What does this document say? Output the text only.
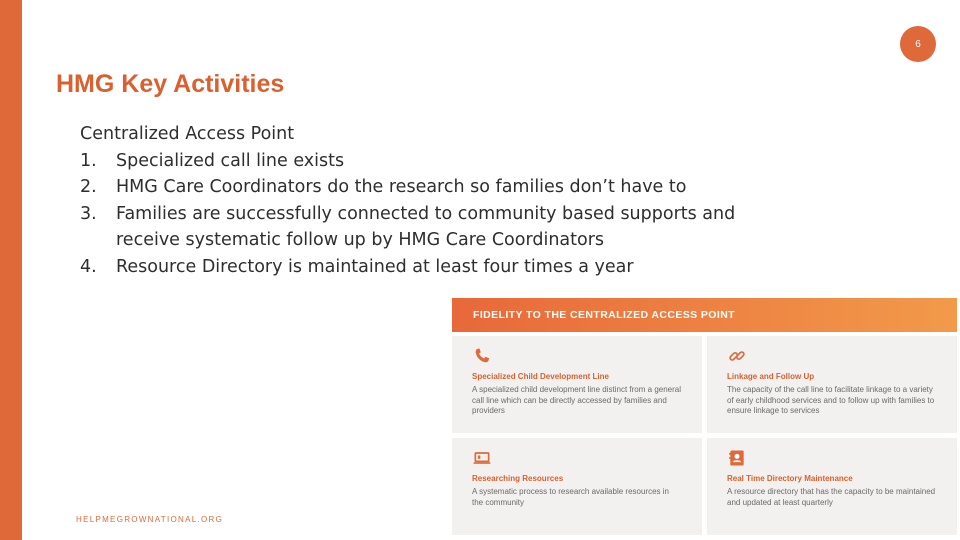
6
HMG Key Activities

Centralized Access Point

1.	Specialized call line exists
2.	HMG Care Coordinators do the research so families don’t have to
3.	Families are successfully connected to community based supports and receive systematic follow up by HMG Care Coordinators
4.	Resource Directory is maintained at least four times a year
HELPMEGROWNATIONAL.ORG
FIDELITY TO THE CENTRALIZED ACCESS POINT
Specialized Child Development Line
A specialized child development line distinct from a general call line which can be directly accessed by families and providers
Linkage and Follow Up
The capacity of the call line to facilitate linkage to a variety of early childhood services and to follow up with families to ensure linkage to services
Researching Resources
A systematic process to research available resources in the community
Real Time Directory Maintenance
A resource directory that has the capacity to be maintained and updated at least quarterly
